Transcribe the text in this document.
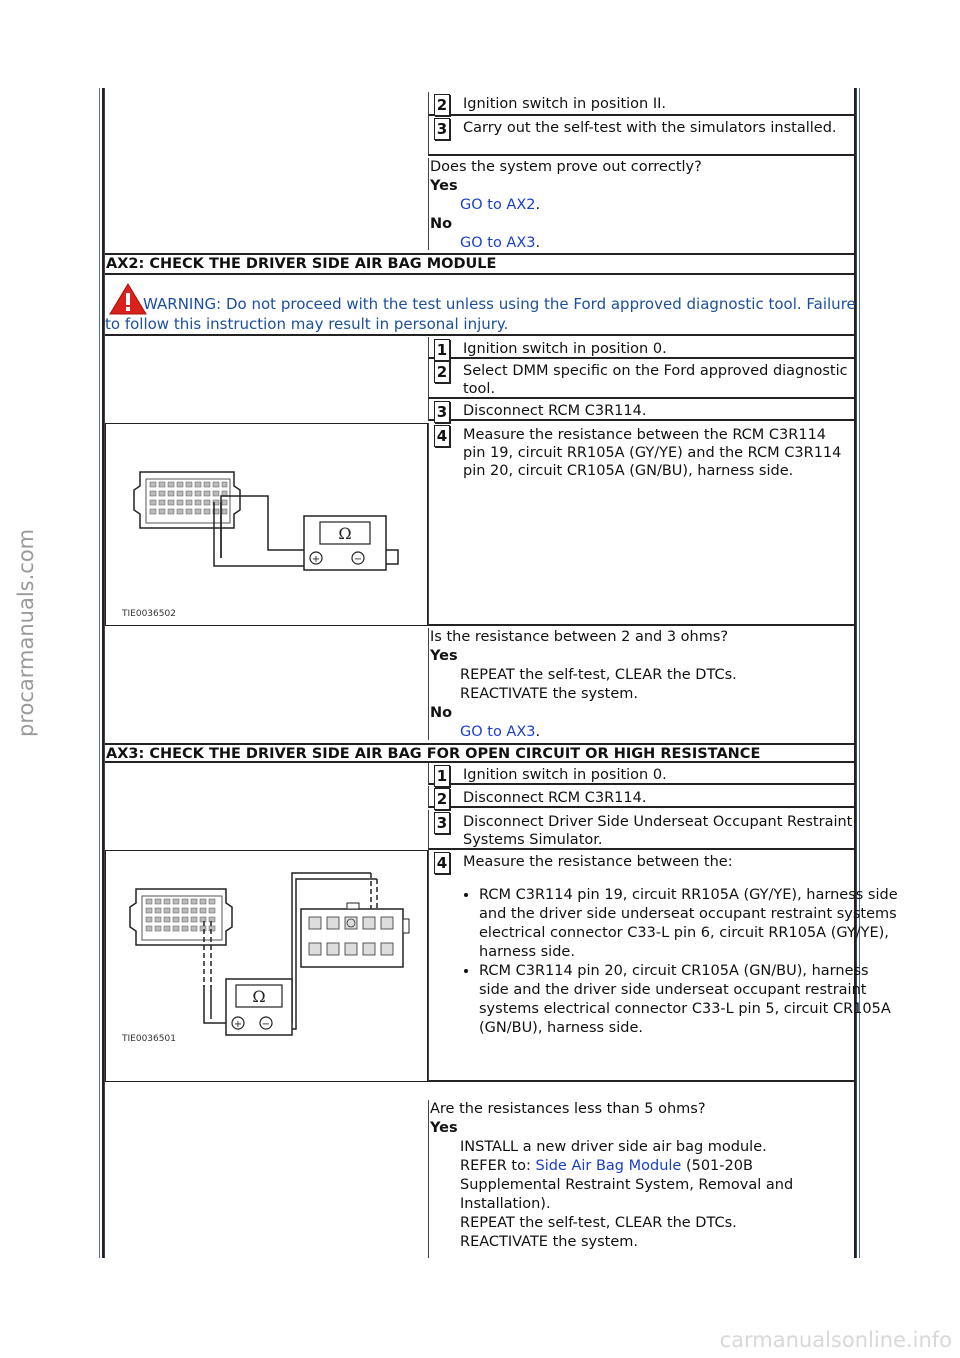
procarmanuals.com
carmanualsonline.info
2 Ignition switch in position II.
3 Carry out the self-test with the simulators installed.
Does the system prove out correctly?
Yes
GO to AX2.
No
GO to AX3.
AX2: CHECK THE DRIVER SIDE AIR BAG MODULE
WARNING: Do not proceed with the test unless using the Ford approved diagnostic tool. Failure to follow this instruction may result in personal injury.
1 Ignition switch in position 0.
2 Select DMM specific on the Ford approved diagnostic tool.
3 Disconnect RCM C3R114.
Ω
+	−
TIE0036502
4 Measure the resistance between the RCM C3R114 pin 19, circuit RR105A (GY/YE) and the RCM C3R114 pin 20, circuit CR105A (GN/BU), harness side.
Is the resistance between 2 and 3 ohms?
Yes
REPEAT the self-test, CLEAR the DTCs.
REACTIVATE the system.
No
GO to AX3.
AX3: CHECK THE DRIVER SIDE AIR BAG FOR OPEN CIRCUIT OR HIGH RESISTANCE
1 Ignition switch in position 0.
2 Disconnect RCM C3R114.
3 Disconnect Driver Side Underseat Occupant Restraint Systems Simulator.
Ω
+ −
TIE0036501
4 Measure the resistance between the:
• RCM C3R114 pin 19, circuit RR105A (GY/YE), harness side and the driver side underseat occupant restraint systems electrical connector C33-L pin 6, circuit RR105A (GY/YE), harness side.
• RCM C3R114 pin 20, circuit CR105A (GN/BU), harness side and the driver side underseat occupant restraint systems electrical connector C33-L pin 5, circuit CR105A (GN/BU), harness side.
Are the resistances less than 5 ohms?
Yes
INSTALL a new driver side air bag module.
REFER to: Side Air Bag Module (501-20B Supplemental Restraint System, Removal and Installation).
REPEAT the self-test, CLEAR the DTCs.
REACTIVATE the system.
